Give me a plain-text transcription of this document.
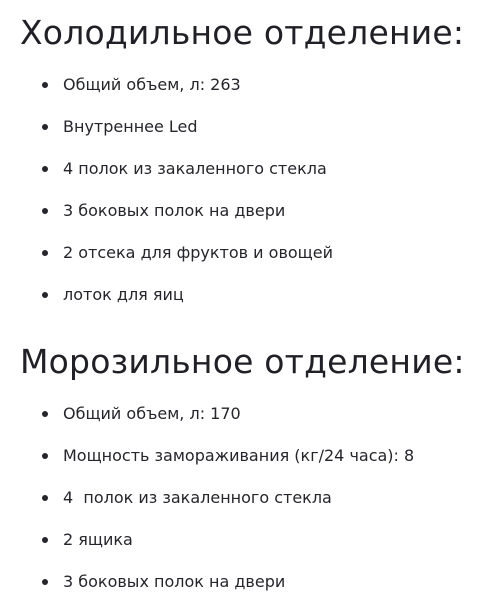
Холодильное отделение:
Общий объем, л: 263
Внутреннее Led
4 полок из закаленного стекла
3 боковых полок на двери
2 отсека для фруктов и овощей
лоток для яиц
Морозильное отделение:
Общий объем, л: 170
Мощность замораживания (кг/24 часа): 8
4  полок из закаленного стекла
2 ящика
3 боковых полок на двери
